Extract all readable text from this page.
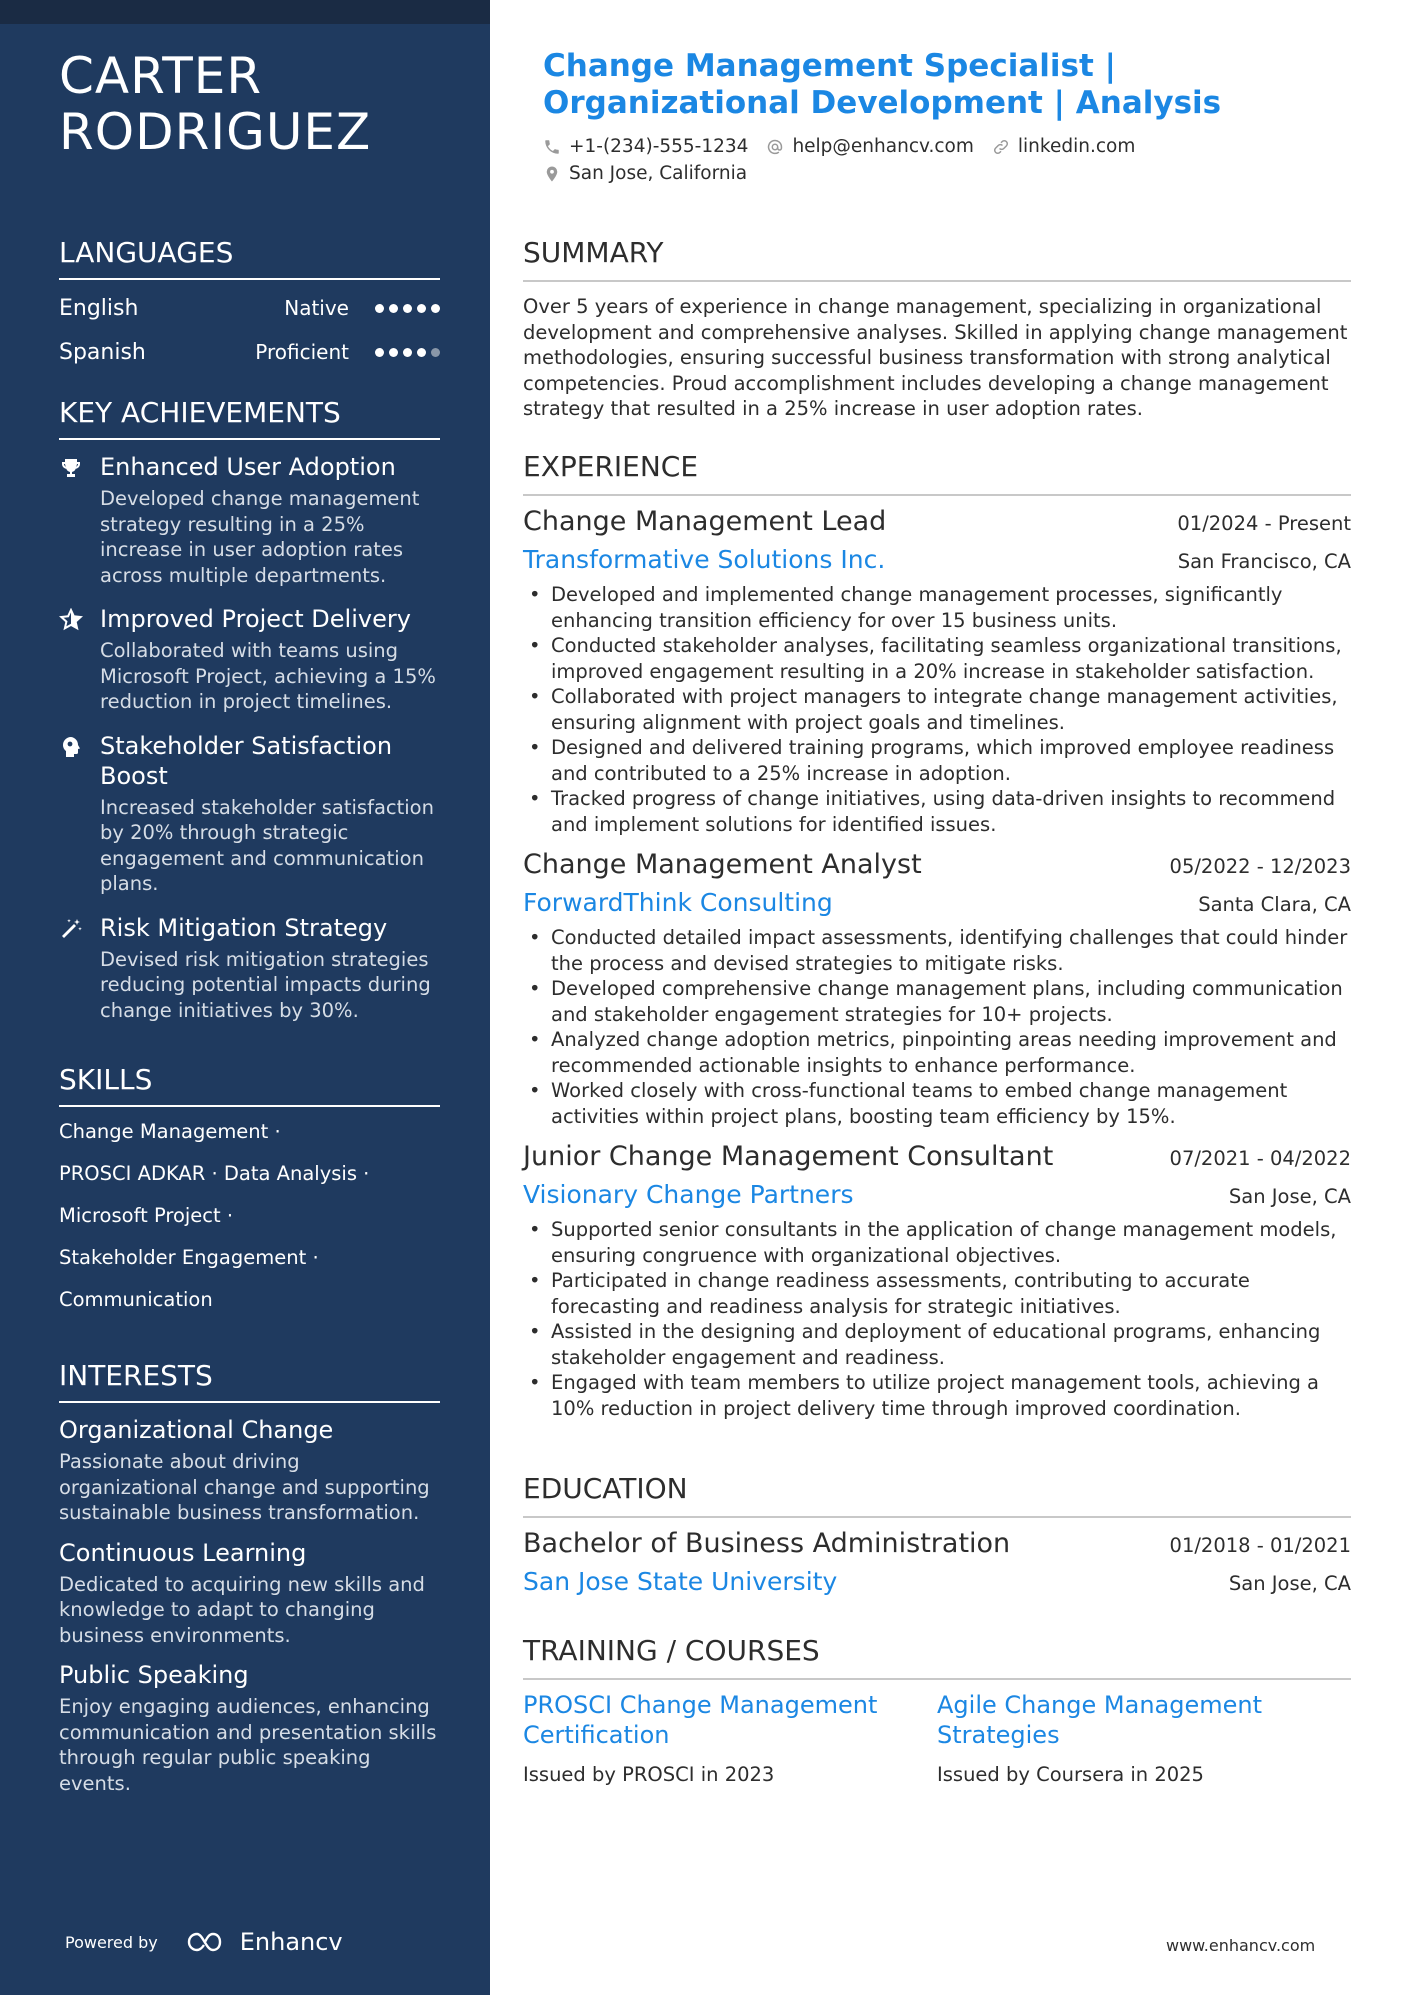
CARTER
RODRIGUEZ
LANGUAGES
English	Native
Spanish	Proficient
KEY ACHIEVEMENTS

Enhanced User Adoption

Developed change management strategy resulting in a 25% increase in user adoption rates across multiple departments.

Improved Project Delivery

Collaborated with teams using Microsoft Project, achieving a 15% reduction in project timelines.

Stakeholder Satisfaction Boost

Increased stakeholder satisfaction by 20% through strategic engagement and communication plans.

Risk Mitigation Strategy

Devised risk mitigation strategies reducing potential impacts during change initiatives by 30%.

SKILLS
Change Management ·
PROSCI ADKAR · Data Analysis ·
Microsoft Project ·
Stakeholder Engagement ·
Communication
INTERESTS

Organizational Change

Passionate about driving organizational change and supporting sustainable business transformation.

Continuous Learning

Dedicated to acquiring new skills and knowledge to adapt to changing business environments.

Public Speaking

Enjoy engaging audiences, enhancing communication and presentation skills through regular public speaking events.

Powered by	Enhancv
Change Management Specialist | Organizational Development | Analysis
+1-(234)-555-1234 help@enhancv.com linkedin.com
San Jose, California
SUMMARY

Over 5 years of experience in change management, specializing in organizational development and comprehensive analyses. Skilled in applying change management methodologies, ensuring successful business transformation with strong analytical competencies. Proud accomplishment includes developing a change management strategy that resulted in a 25% increase in user adoption rates.

EXPERIENCE
Change Management Lead	01/2024 - Present
Transformative Solutions Inc.	San Francisco, CA
• Developed and implemented change management processes, significantly enhancing transition efficiency for over 15 business units.
• Conducted stakeholder analyses, facilitating seamless organizational transitions, improved engagement resulting in a 20% increase in stakeholder satisfaction.
• Collaborated with project managers to integrate change management activities, ensuring alignment with project goals and timelines.
• Designed and delivered training programs, which improved employee readiness and contributed to a 25% increase in adoption.
• Tracked progress of change initiatives, using data-driven insights to recommend and implement solutions for identified issues.
Change Management Analyst	05/2022 - 12/2023
ForwardThink Consulting	Santa Clara, CA
• Conducted detailed impact assessments, identifying challenges that could hinder the process and devised strategies to mitigate risks.
• Developed comprehensive change management plans, including communication and stakeholder engagement strategies for 10+ projects.
• Analyzed change adoption metrics, pinpointing areas needing improvement and recommended actionable insights to enhance performance.
• Worked closely with cross-functional teams to embed change management activities within project plans, boosting team efficiency by 15%.
Junior Change Management Consultant	07/2021 - 04/2022
Visionary Change Partners	San Jose, CA
• Supported senior consultants in the application of change management models, ensuring congruence with organizational objectives.
• Participated in change readiness assessments, contributing to accurate forecasting and readiness analysis for strategic initiatives.
• Assisted in the designing and deployment of educational programs, enhancing stakeholder engagement and readiness.
• Engaged with team members to utilize project management tools, achieving a 10% reduction in project delivery time through improved coordination.
EDUCATION
Bachelor of Business Administration	01/2018 - 01/2021
San Jose State University	San Jose, CA
TRAINING / COURSES

PROSCI Change Management Certification

Issued by PROSCI in 2023

Agile Change Management Strategies

Issued by Coursera in 2025
www.enhancv.com
